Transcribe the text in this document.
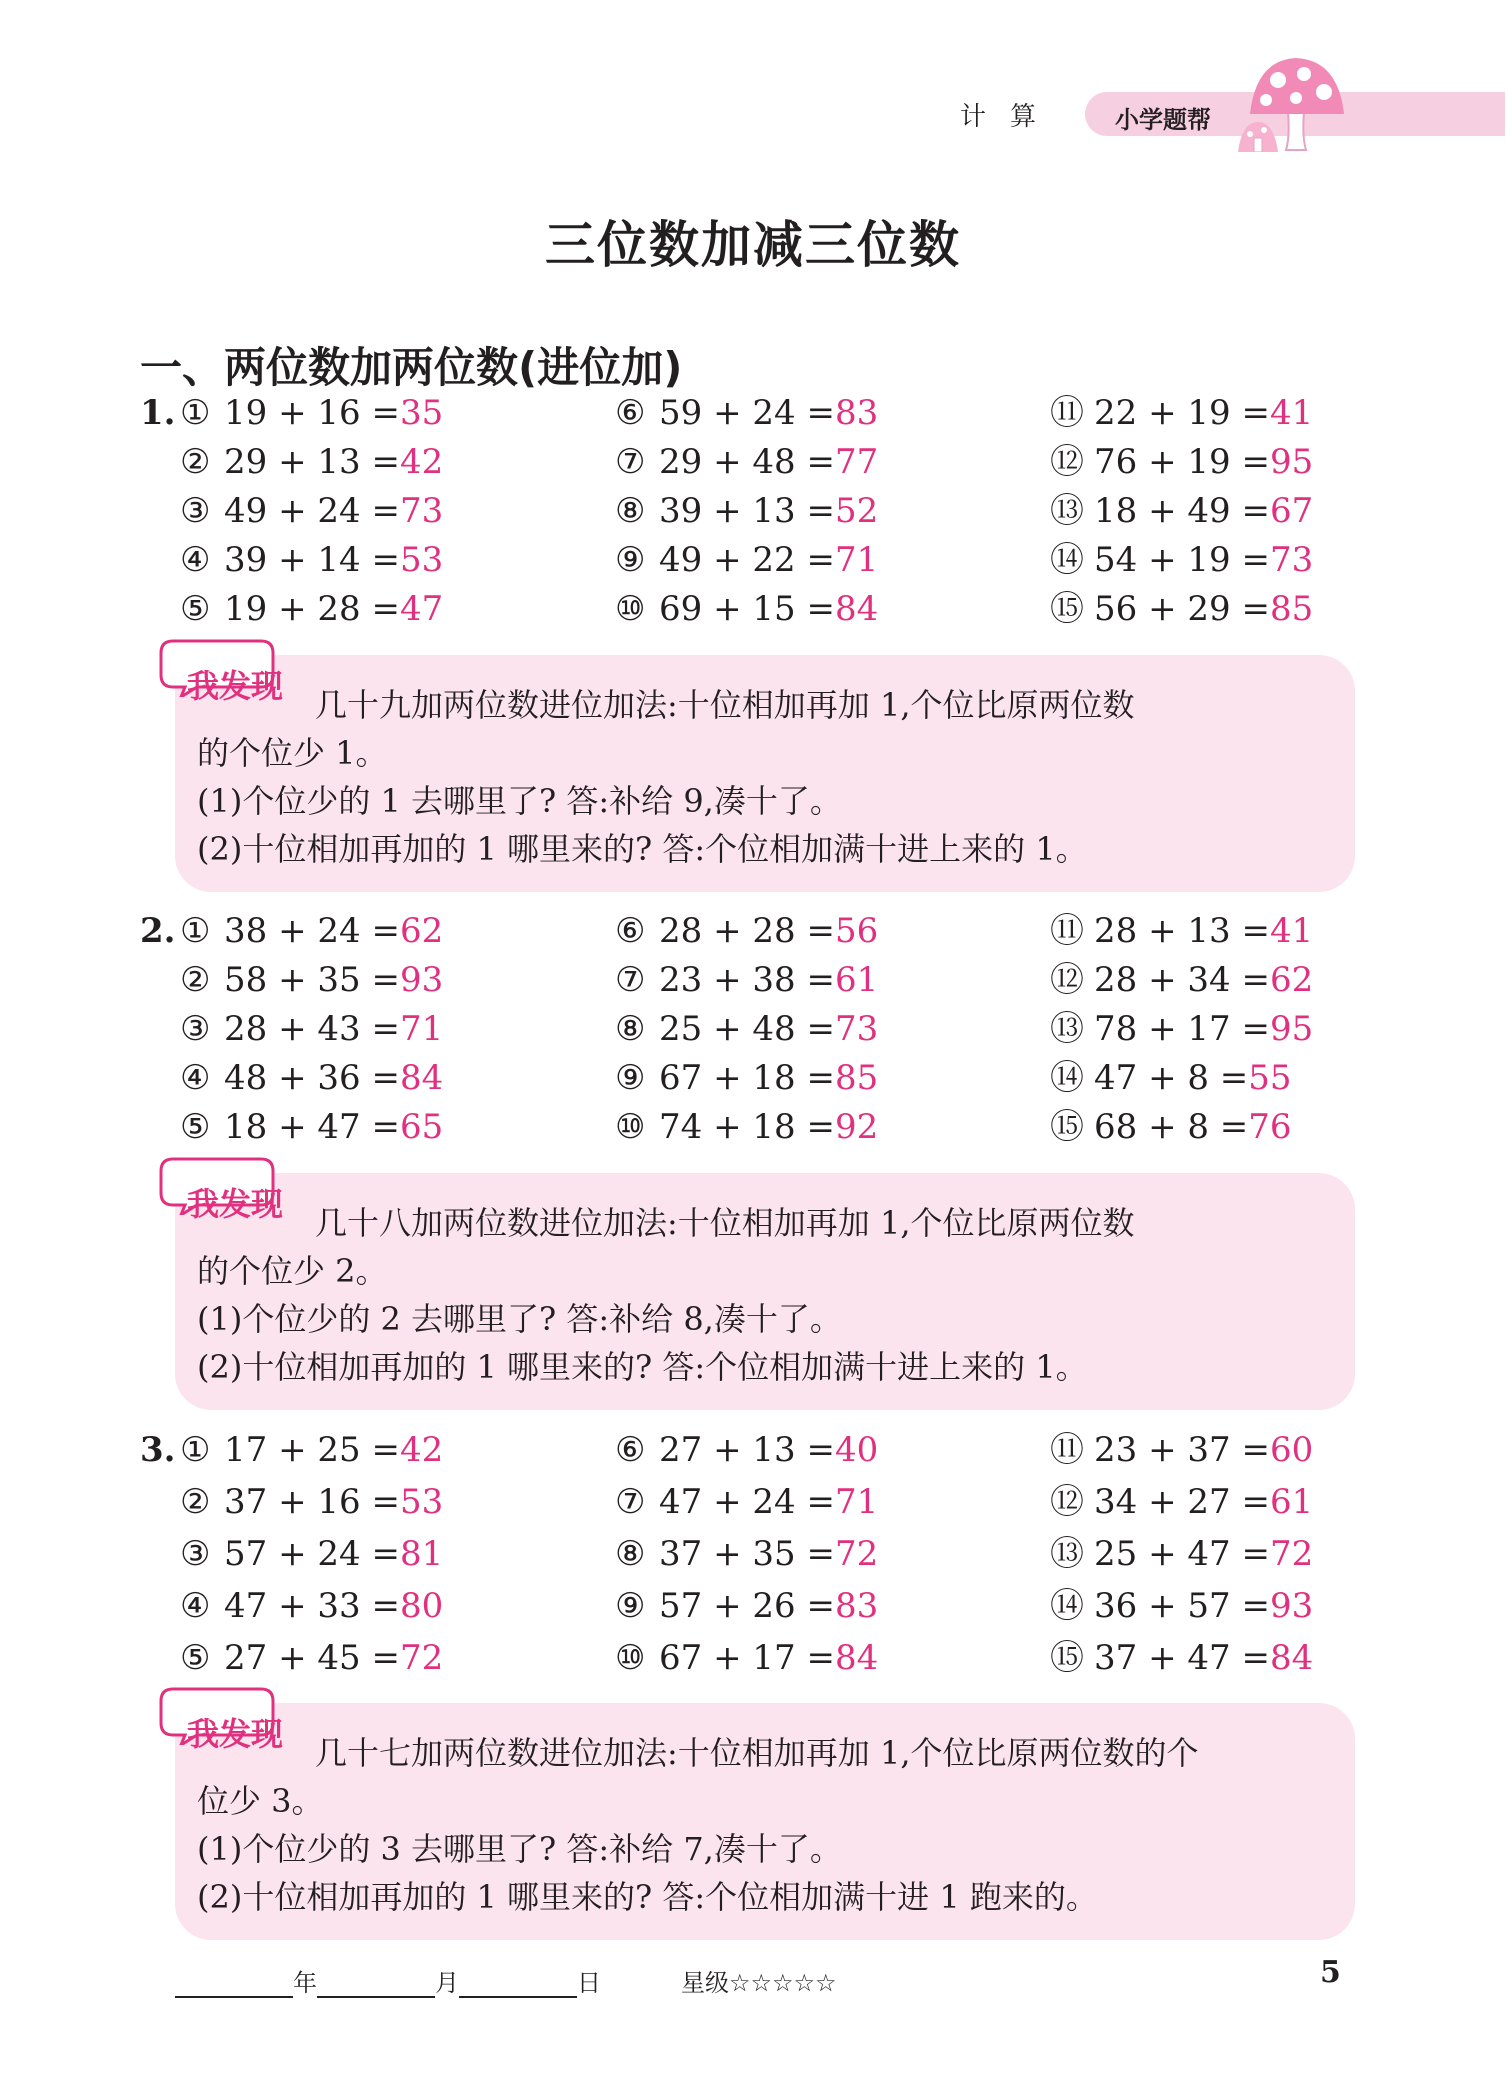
计算 小学题帮
三位数加减三位数
一、两位数加两位数(进位加)
1. ① 19 + 16 =35
② 29 + 13 =42
③ 49 + 24 =73
④ 39 + 14 =53
⑤ 19 + 28 =47
⑥ 59 + 24 =83
⑦ 29 + 48 =77
⑧ 39 + 13 =52
⑨ 49 + 22 =71
⑩ 69 + 15 =84
⑪ 22 + 19 =41
⑫ 76 + 19 =95
⑬ 18 + 49 =67
⑭ 54 + 19 =73
⑮ 56 + 29 =85
我发现	几十九加两位数进位加法:十位相加再加 1,个位比原两位数
的个位少 1。
(1)个位少的 1 去哪里了? 答:补给 9,凑十了。
(2)十位相加再加的 1 哪里来的? 答:个位相加满十进上来的 1。
2. ① 38 + 24 =62
② 58 + 35 =93
③ 28 + 43 =71
④ 48 + 36 =84
⑤ 18 + 47 =65
⑥ 28 + 28 =56
⑦ 23 + 38 =61
⑧ 25 + 48 =73
⑨ 67 + 18 =85
⑩ 74 + 18 =92
⑪ 28 + 13 =41
⑫ 28 + 34 =62
⑬ 78 + 17 =95
⑭ 47 + 8 =55
⑮ 68 + 8 =76
我发现	几十八加两位数进位加法:十位相加再加 1,个位比原两位数
的个位少 2。
(1)个位少的 2 去哪里了? 答:补给 8,凑十了。
(2)十位相加再加的 1 哪里来的? 答:个位相加满十进上来的 1。
3. ① 17 + 25 =42
② 37 + 16 =53
③ 57 + 24 =81
④ 47 + 33 =80
⑤ 27 + 45 =72
⑥ 27 + 13 =40
⑦ 47 + 24 =71
⑧ 37 + 35 =72
⑨ 57 + 26 =83
⑩ 67 + 17 =84
⑪ 23 + 37 =60
⑫ 34 + 27 =61
⑬ 25 + 47 =72
⑭ 36 + 57 =93
⑮ 37 + 47 =84
我发现	几十七加两位数进位加法:十位相加再加 1,个位比原两位数的个
位少 3。
(1)个位少的 3 去哪里了? 答:补给 7,凑十了。
(2)十位相加再加的 1 哪里来的? 答:个位相加满十进 1 跑来的。
年	月	日	星级☆☆☆☆☆	5
